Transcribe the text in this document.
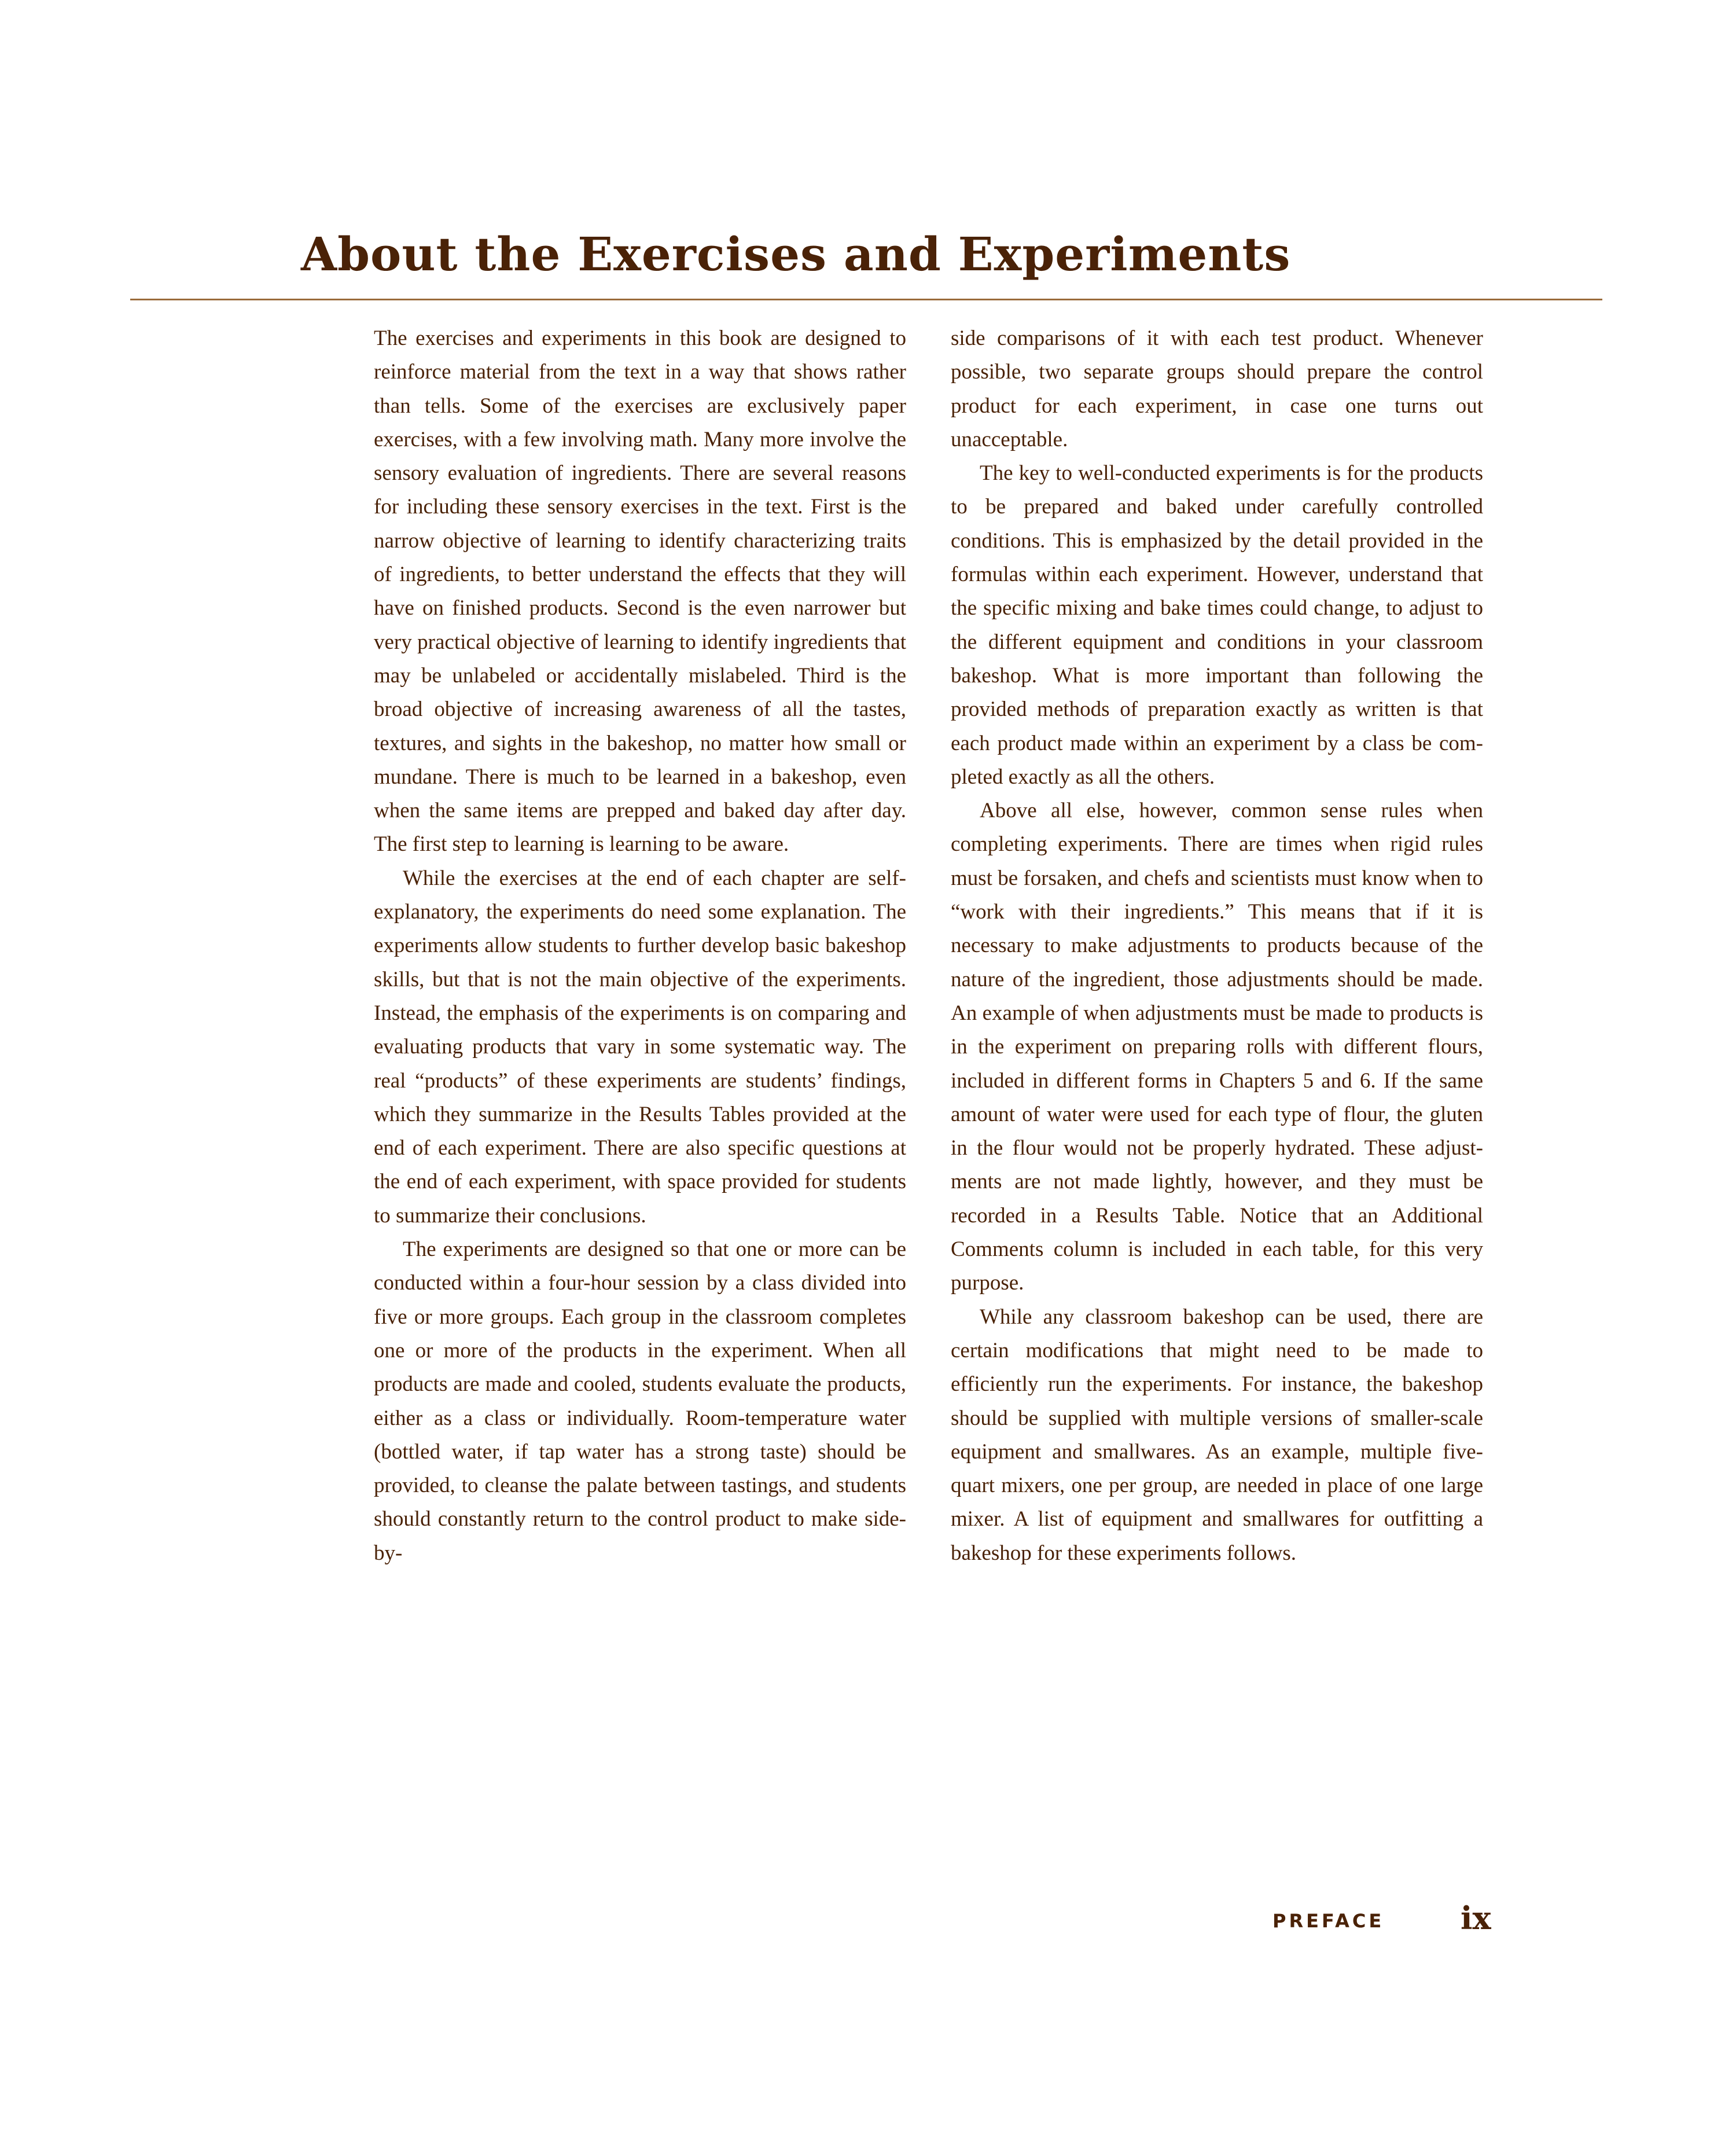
About the Exercises and Experiments

The exercises and experiments in this book are designed to reinforce material from the text in a way that shows rather than tells. Some of the exercises are exclusively paper exercises, with a few involving math. Many more involve the sensory evaluation of ingredients. There are several reasons for including these sensory exercises in the text. First is the narrow objective of learning to identify characterizing traits of ingredients, to better understand the effects that they will have on finished products. Second is the even narrower but very practical objective of learning to identify ingredients that may be unlabeled or accidentally mislabeled. Third is the broad objective of increasing awareness of all the tastes, textures, and sights in the bakeshop, no matter how small or mundane. There is much to be learned in a bakeshop, even when the same items are prepped and baked day after day. The first step to learning is learning to be aware.

While the exercises at the end of each chapter are self-explanatory, the experiments do need some explanation. The experiments allow students to further develop basic bakeshop skills, but that is not the main objective of the experiments. Instead, the emphasis of the experiments is on comparing and evaluating products that vary in some systematic way. The real “products” of these experiments are students’ findings, which they summarize in the Results Tables provided at the end of each experiment. There are also specific questions at the end of each experiment, with space provided for students to summarize their conclusions.

The experiments are designed so that one or more can be conducted within a four-hour session by a class divided into five or more groups. Each group in the classroom completes one or more of the products in the experiment. When all products are made and cooled, students evaluate the products, either as a class or individually. Room-temperature water (bottled water, if tap water has a strong taste) should be provided, to cleanse the palate between tastings, and students should constantly return to the control product to make side-by-

side comparisons of it with each test product. Whenever possible, two separate groups should prepare the control product for each experiment, in case one turns out unacceptable.

The key to well-conducted experiments is for the products to be prepared and baked under carefully controlled conditions. This is emphasized by the detail provided in the formulas within each experiment. However, understand that the specific mixing and bake times could change, to adjust to the different equipment and conditions in your classroom bakeshop. What is more important than following the provided methods of preparation exactly as written is that each product made within an experiment by a class be completed exactly as all the others.

Above all else, however, common sense rules when completing experiments. There are times when rigid rules must be forsaken, and chefs and scientists must know when to “work with their ingredients.” This means that if it is necessary to make adjustments to products because of the nature of the ingredient, those adjustments should be made. An example of when adjustments must be made to products is in the experiment on preparing rolls with different flours, included in different forms in Chapters 5 and 6. If the same amount of water were used for each type of flour, the gluten in the flour would not be properly hydrated. These adjustments are not made lightly, however, and they must be recorded in a Results Table. Notice that an Additional Comments column is included in each table, for this very purpose.

While any classroom bakeshop can be used, there are certain modifications that might need to be made to efficiently run the experiments. For instance, the bakeshop should be supplied with multiple versions of smaller-scale equipment and smallwares. As an example, multiple five-quart mixers, one per group, are needed in place of one large mixer. A list of equipment and smallwares for outfitting a bakeshop for these experiments follows.

PREFACE ix
